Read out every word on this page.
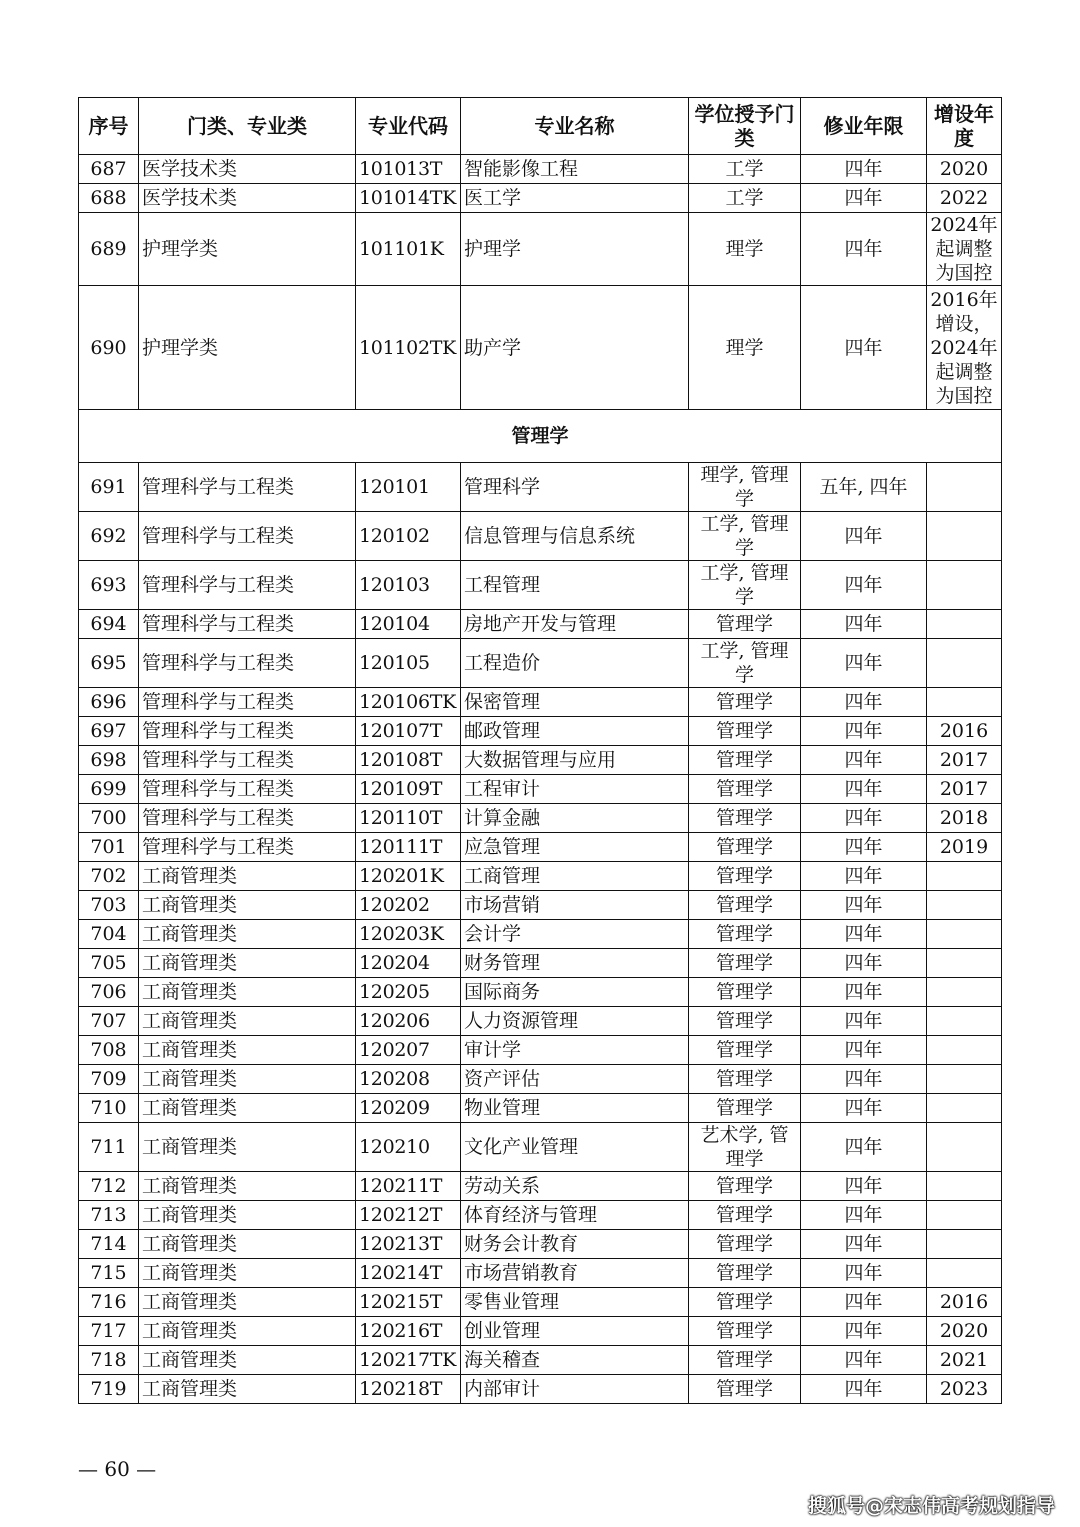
序号	门类、专业类	专业代码	专业名称	学位授予门类	修业年限	增设年度
687	医学技术类	101013T	智能影像工程	工学	四年	2020
688	医学技术类	101014TK	医工学	工学	四年	2022
689	护理学类	101101K	护理学	理学	四年	2024年起调整为国控
690	护理学类	101102TK	助产学	理学	四年	2016年增设，2024年起调整为国控
管理学						
691	管理科学与工程类	120101	管理科学	理学, 管理学	五年, 四年	
692	管理科学与工程类	120102	信息管理与信息系统	工学, 管理学	四年	
693	管理科学与工程类	120103	工程管理	工学, 管理学	四年	
694	管理科学与工程类	120104	房地产开发与管理	管理学	四年	
695	管理科学与工程类	120105	工程造价	工学, 管理学	四年	
696	管理科学与工程类	120106TK	保密管理	管理学	四年	
697	管理科学与工程类	120107T	邮政管理	管理学	四年	2016
698	管理科学与工程类	120108T	大数据管理与应用	管理学	四年	2017
699	管理科学与工程类	120109T	工程审计	管理学	四年	2017
700	管理科学与工程类	120110T	计算金融	管理学	四年	2018
701	管理科学与工程类	120111T	应急管理	管理学	四年	2019
702	工商管理类	120201K	工商管理	管理学	四年	
703	工商管理类	120202	市场营销	管理学	四年	
704	工商管理类	120203K	会计学	管理学	四年	
705	工商管理类	120204	财务管理	管理学	四年	
706	工商管理类	120205	国际商务	管理学	四年	
707	工商管理类	120206	人力资源管理	管理学	四年	
708	工商管理类	120207	审计学	管理学	四年	
709	工商管理类	120208	资产评估	管理学	四年	
710	工商管理类	120209	物业管理	管理学	四年	
711	工商管理类	120210	文化产业管理	艺术学, 管理学	四年	
712	工商管理类	120211T	劳动关系	管理学	四年	
713	工商管理类	120212T	体育经济与管理	管理学	四年	
714	工商管理类	120213T	财务会计教育	管理学	四年	
715	工商管理类	120214T	市场营销教育	管理学	四年	
716	工商管理类	120215T	零售业管理	管理学	四年	2016
717	工商管理类	120216T	创业管理	管理学	四年	2020
718	工商管理类	120217TK	海关稽查	管理学	四年	2021
719	工商管理类	120218T	内部审计	管理学	四年	2023
— 60 —
搜狐号@宋志伟高考规划指导
